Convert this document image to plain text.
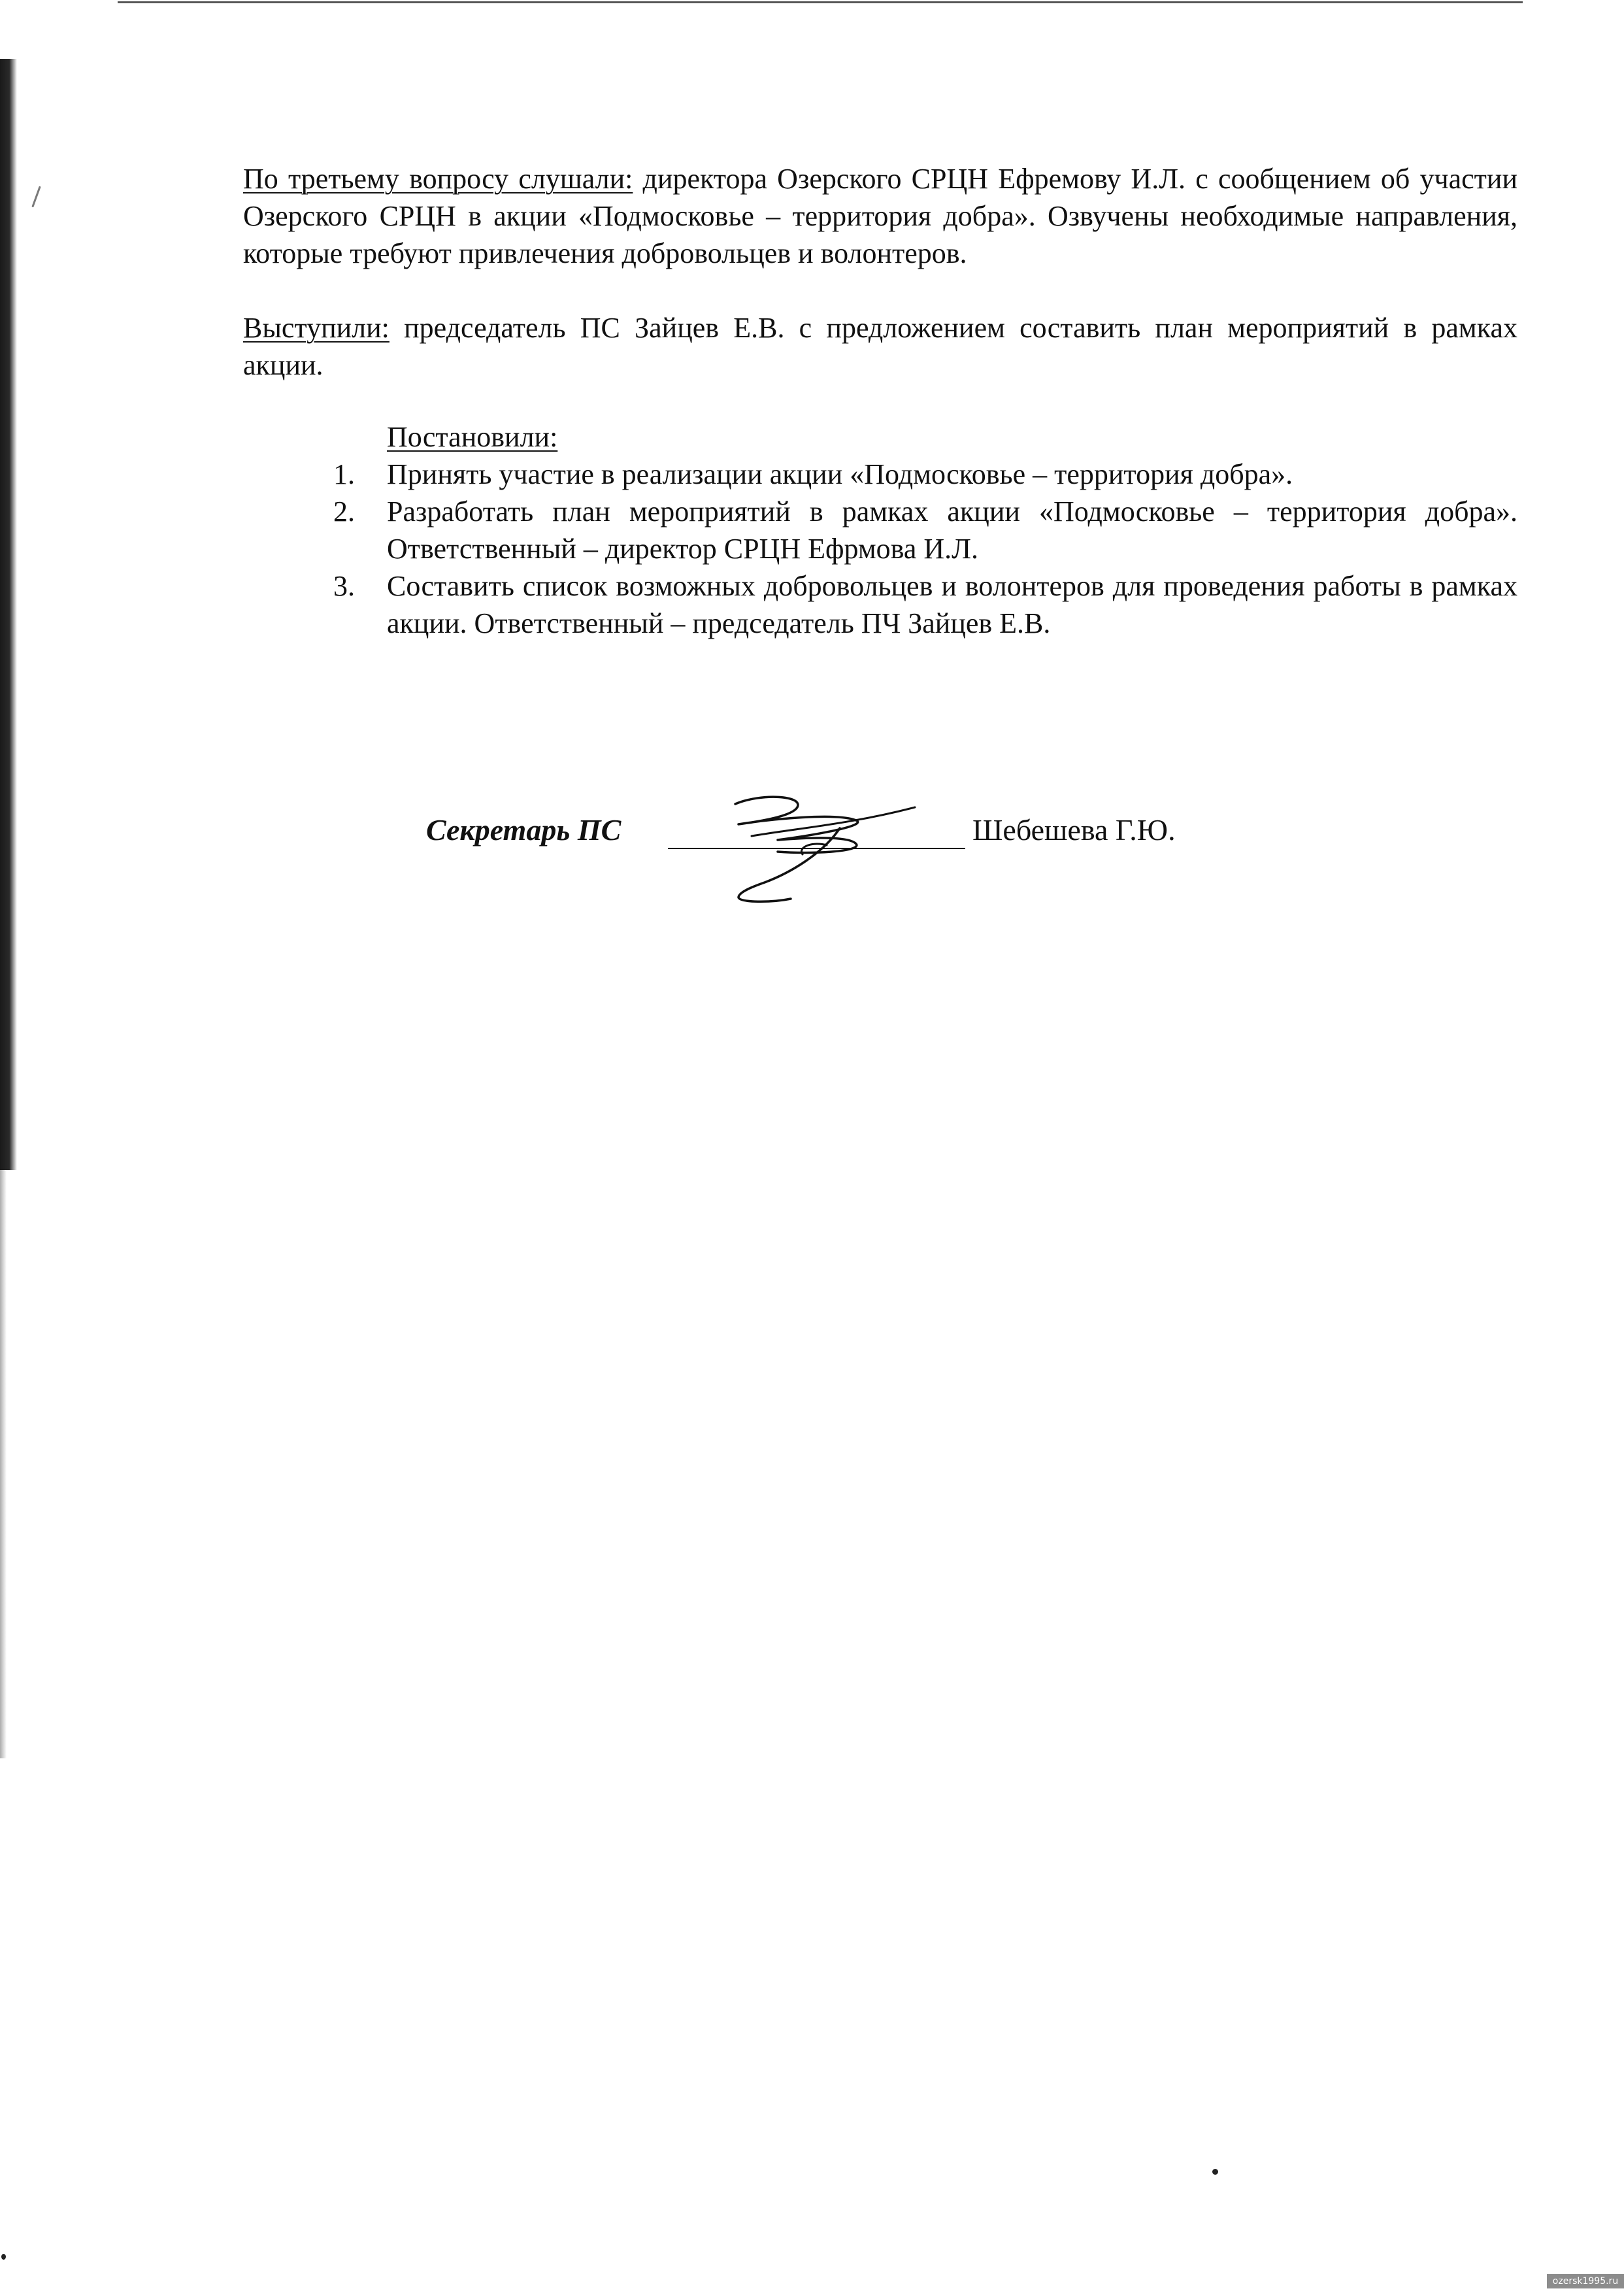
По третьему вопросу слушали: директора Озерского СРЦН Ефремову И.Л. с сообщением об участии Озерского СРЦН в акции «Подмосковье – территория добра». Озвучены необходимые направления, которые требуют привлечения добровольцев и волонтеров.

Выступили: председатель ПС Зайцев Е.В. с предложением составить план мероприятий в рамках акции.

Постановили:
1. Принять участие в реализации акции «Подмосковье – территория добра».
2. Разработать план мероприятий в рамках акции «Подмосковье – территория добра». Ответственный – директор СРЦН Ефрмова И.Л.
3. Составить список возможных добровольцев и волонтеров для проведения работы в рамках акции. Ответственный – председатель ПЧ Зайцев Е.В.
Секретарь ПС	Шебешева Г.Ю.
ozersk1995.ru
